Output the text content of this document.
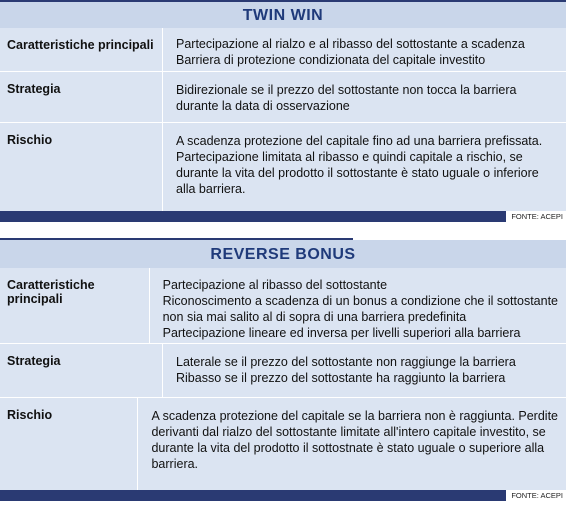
TWIN WIN
Caratteristiche principali	Partecipazione al rialzo e al ribasso del sottostante a scadenza
Barriera di protezione condizionata del capitale investito
Strategia	Bidirezionale se il prezzo del sottostante non tocca la barriera
durante la data di osservazione
Rischio	A scadenza protezione del capitale fino ad una barriera prefissata.
Partecipazione limitata al ribasso e quindi capitale a rischio, se
durante la vita del prodotto il sottostante è stato uguale o inferiore
alla barriera.
FONTE: ACEPI
REVERSE BONUS
Caratteristiche principali
Partecipazione al ribasso del sottostante
Riconoscimento a scadenza di un bonus a condizione che il sottostante
non sia mai salito al di sopra di una barriera predefinita
Partecipazione lineare ed inversa per livelli superiori alla barriera
Strategia	Laterale se il prezzo del sottostante non raggiunge la barriera
Ribasso se il prezzo del sottostante ha raggiunto la barriera
Rischio	A scadenza protezione del capitale se la barriera non è raggiunta. Perdite
derivanti dal rialzo del sottostante limitate all'intero capitale investito, se
durante la vita del prodotto il sottostnate è stato uguale o superiore alla
barriera.
FONTE: ACEPI
